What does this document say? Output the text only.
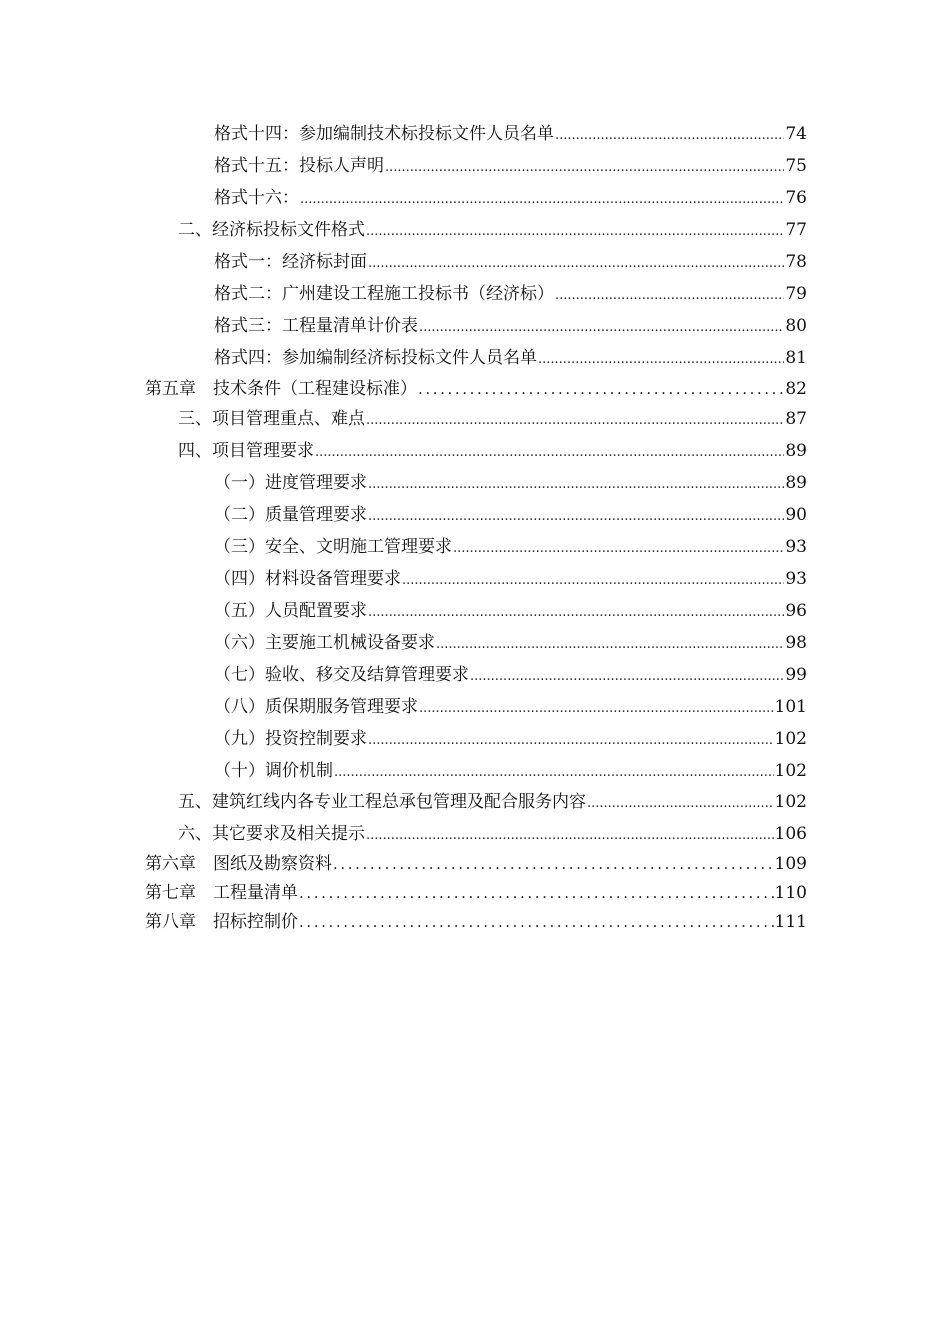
格式十四：参加编制技术标投标文件人员名单 .....	74
格式十五：投标人声明 .....	75
格式十六： .....	76
二、经济标投标文件格式 .....	77
格式一：经济标封面 .....	78
格式二：广州建设工程施工投标书（经济标） .....	79
格式三：工程量清单计价表 .....	80
格式四：参加编制经济标投标文件人员名单 .....	81
第五章　技术条件（工程建设标准） .....	82
三、项目管理重点、难点 .....	87
四、项目管理要求 .....	89
（一）进度管理要求 .....	89
（二）质量管理要求 .....	90
（三）安全、文明施工管理要求 .....	93
（四）材料设备管理要求 .....	93
（五）人员配置要求 .....	96
（六）主要施工机械设备要求 .....	98
（七）验收、移交及结算管理要求 .....	99
（八）质保期服务管理要求 .....	101
（九）投资控制要求 .....	102
（十）调价机制 .....	102
五、建筑红线内各专业工程总承包管理及配合服务内容 .....	102
六、其它要求及相关提示 .....	106
第六章　图纸及勘察资料 .....	109
第七章　工程量清单 .....	110
第八章　招标控制价 .....	111
